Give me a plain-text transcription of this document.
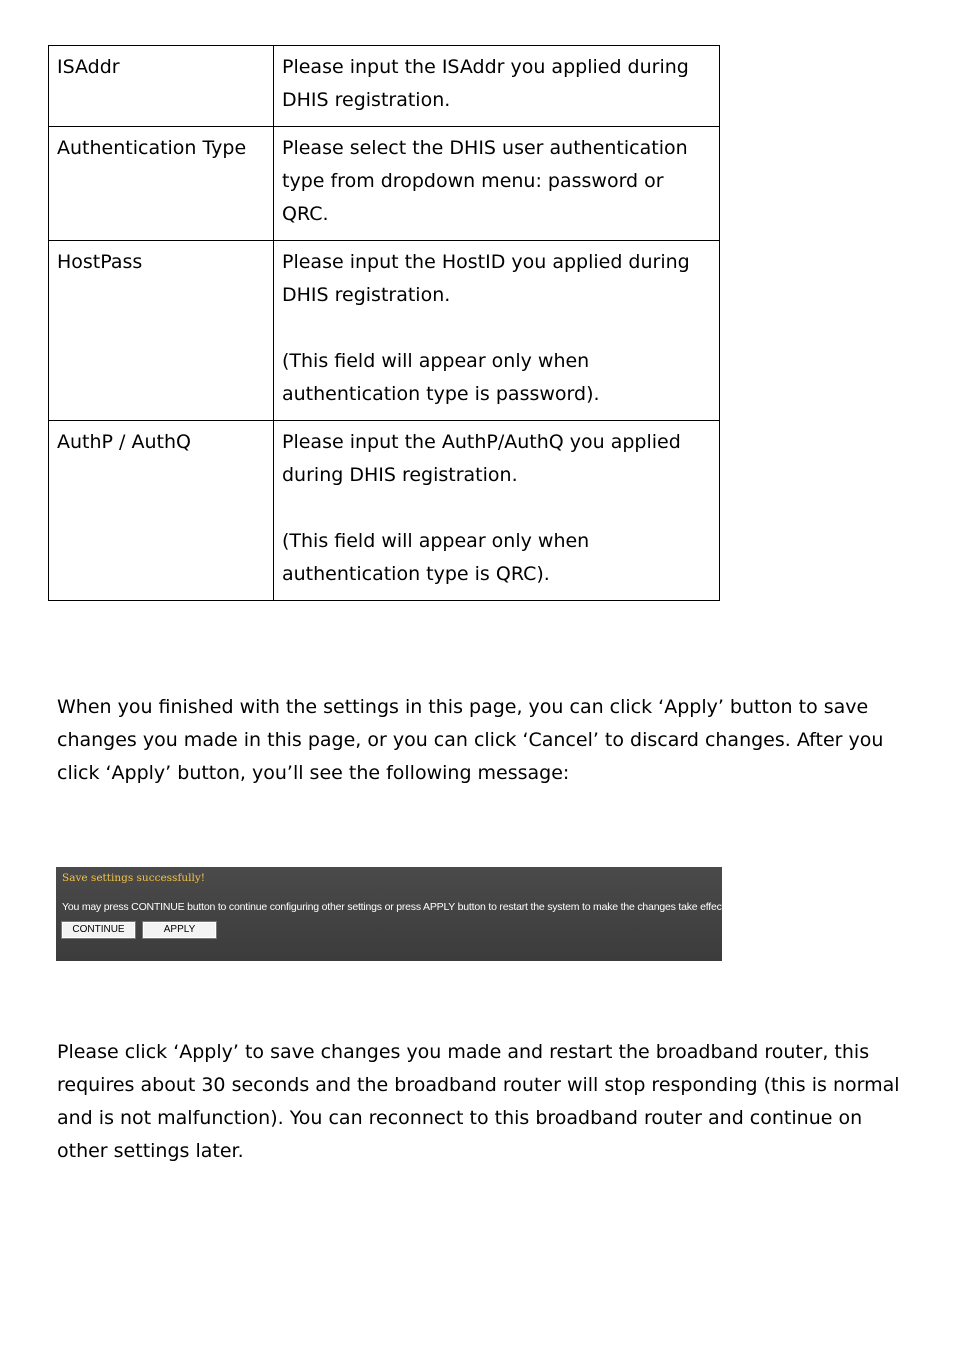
ISAddr	Please input the ISAddr you applied during DHIS registration.

Authentication Type	Please select the DHIS user authentication type from dropdown menu: password or QRC.

HostPass	Please input the HostID you applied during DHIS registration.
(This field will appear only when authentication type is password).

AuthP / AuthQ	Please input the AuthP/AuthQ you applied during DHIS registration.
(This field will appear only when authentication type is QRC).

When you finished with the settings in this page, you can click ‘Apply’ button to save changes you made in this page, or you can click ‘Cancel’ to discard changes. After you click ‘Apply’ button, you’ll see the following message:

Save settings successfully!
You may press CONTINUE button to continue configuring other settings or press APPLY button to restart the system to make the changes take effect.
CONTINUE	APPLY

Please click ‘Apply’ to save changes you made and restart the broadband router, this requires about 30 seconds and the broadband router will stop responding (this is normal and is not malfunction). You can reconnect to this broadband router and continue on other settings later.
